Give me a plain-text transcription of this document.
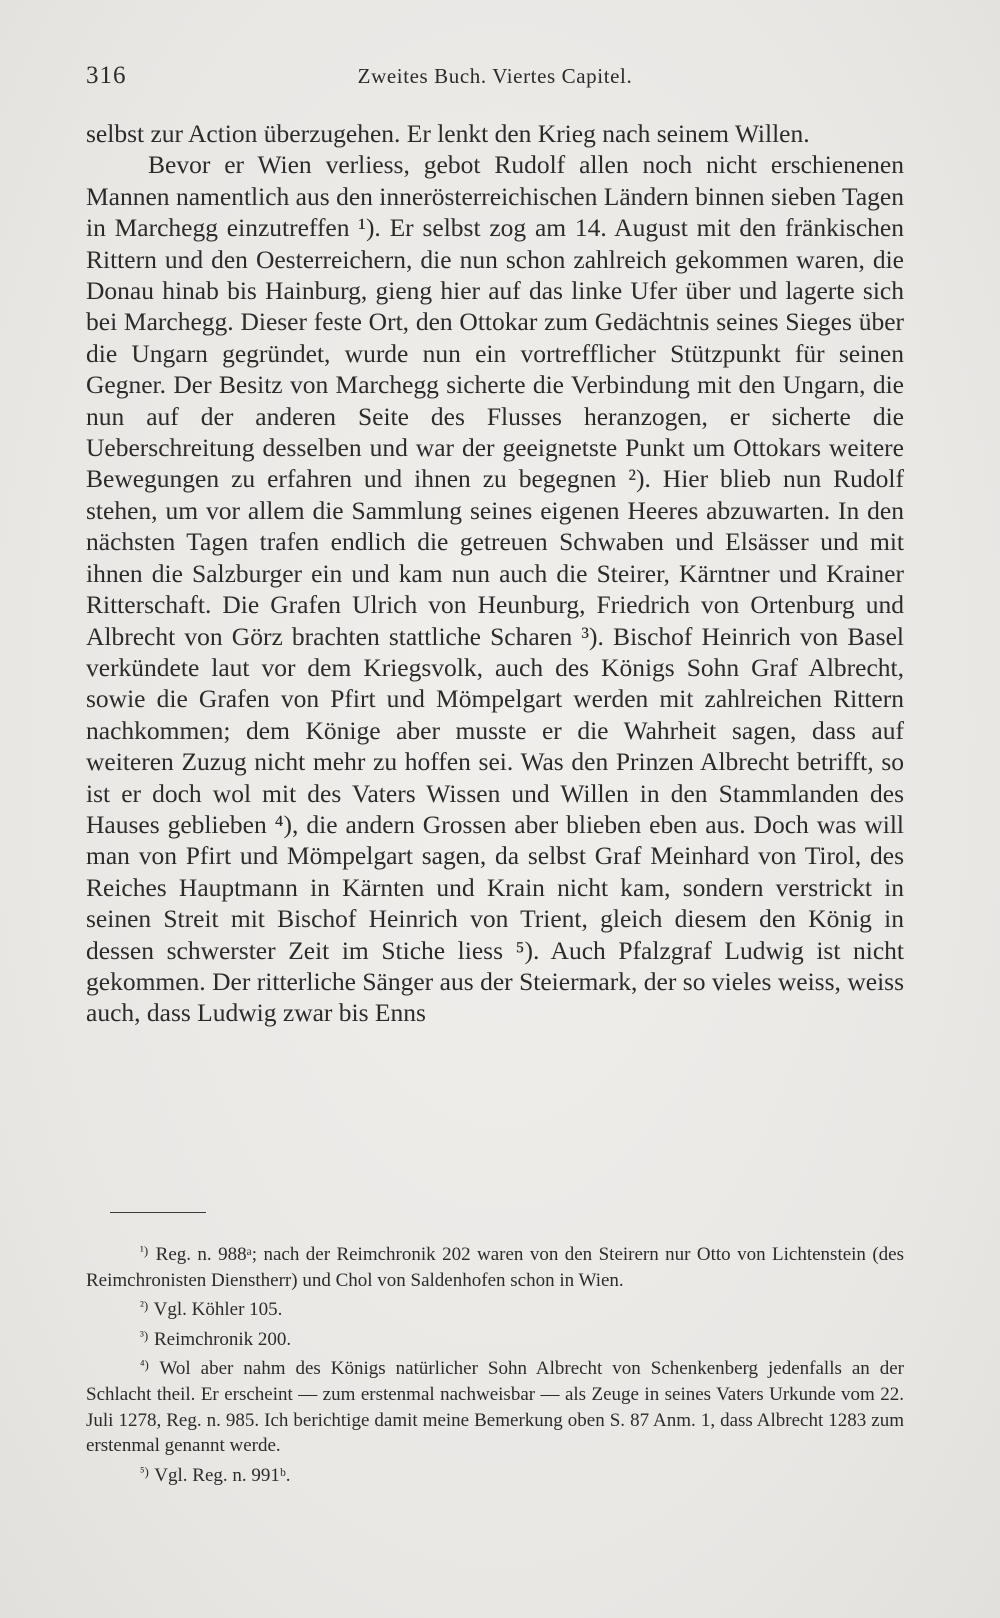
316	Zweites Buch. Viertes Capitel.

selbst zur Action überzugehen. Er lenkt den Krieg nach seinem Willen.

Bevor er Wien verliess, gebot Rudolf allen noch nicht erschienenen Mannen namentlich aus den innerösterreichischen Ländern binnen sieben Tagen in Marchegg einzutreffen ¹). Er selbst zog am 14. August mit den fränkischen Rittern und den Oesterreichern, die nun schon zahlreich gekommen waren, die Donau hinab bis Hainburg, gieng hier auf das linke Ufer über und lagerte sich bei Marchegg. Dieser feste Ort, den Ottokar zum Gedächtnis seines Sieges über die Ungarn gegründet, wurde nun ein vortrefflicher Stützpunkt für seinen Gegner. Der Besitz von Marchegg sicherte die Verbindung mit den Ungarn, die nun auf der anderen Seite des Flusses heranzogen, er sicherte die Ueberschreitung desselben und war der geeignetste Punkt um Ottokars weitere Bewegungen zu erfahren und ihnen zu begegnen ²). Hier blieb nun Rudolf stehen, um vor allem die Sammlung seines eigenen Heeres abzuwarten. In den nächsten Tagen trafen endlich die getreuen Schwaben und Elsässer und mit ihnen die Salzburger ein und kam nun auch die Steirer, Kärntner und Krainer Ritterschaft. Die Grafen Ulrich von Heunburg, Friedrich von Ortenburg und Albrecht von Görz brachten stattliche Scharen ³). Bischof Heinrich von Basel verkündete laut vor dem Kriegsvolk, auch des Königs Sohn Graf Albrecht, sowie die Grafen von Pfirt und Mömpelgart werden mit zahlreichen Rittern nachkommen; dem Könige aber musste er die Wahrheit sagen, dass auf weiteren Zuzug nicht mehr zu hoffen sei. Was den Prinzen Albrecht betrifft, so ist er doch wol mit des Vaters Wissen und Willen in den Stammlanden des Hauses geblieben ⁴), die andern Grossen aber blieben eben aus. Doch was will man von Pfirt und Mömpelgart sagen, da selbst Graf Meinhard von Tirol, des Reiches Hauptmann in Kärnten und Krain nicht kam, sondern verstrickt in seinen Streit mit Bischof Heinrich von Trient, gleich diesem den König in dessen schwerster Zeit im Stiche liess ⁵). Auch Pfalzgraf Ludwig ist nicht gekommen. Der ritterliche Sänger aus der Steiermark, der so vieles weiss, weiss auch, dass Ludwig zwar bis Enns

$^{^1)}$ Reg. n. 988ᵃ; nach der Reimchronik 202 waren von den Steirern nur Otto von Lichtenstein (des Reimchronisten Dienstherr) und Chol von Saldenhofen schon in Wien.

$^{^2)}$ Vgl. Köhler 105.

$^{^3)}$ Reimchronik 200.

$^{^4)}$ Wol aber nahm des Königs natürlicher Sohn Albrecht von Schenkenberg jedenfalls an der Schlacht theil. Er erscheint — zum erstenmal nachweisbar — als Zeuge in seines Vaters Urkunde vom 22. Juli 1278, Reg. n. 985. Ich berichtige damit meine Bemerkung oben S. 87 Anm. 1, dass Albrecht 1283 zum erstenmal genannt werde.

$^{^5)}$ Vgl. Reg. n. 991ᵇ.
